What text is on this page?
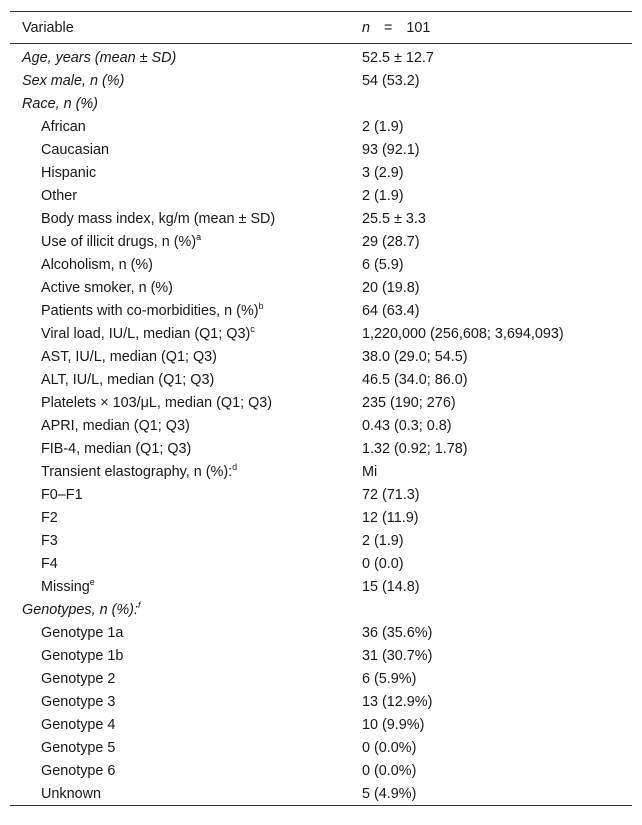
Variable	n = 101
Age, years (mean ± SD)	52.5 ± 12.7
Sex male, n (%)	54 (53.2)
Race, n (%)	
African	2 (1.9)
Caucasian	93 (92.1)
Hispanic	3 (2.9)
Other	2 (1.9)
Body mass index, kg/m (mean ± SD)	25.5 ± 3.3
Use of illicit drugs, n (%)$^a$	29 (28.7)
Alcoholism, n (%)	6 (5.9)
Active smoker, n (%)	20 (19.8)
Patients with co-morbidities, n (%)$^b$	64 (63.4)
Viral load, IU/L, median (Q1; Q3)$^c$	1,220,000 (256,608; 3,694,093)
AST, IU/L, median (Q1; Q3)	38.0 (29.0; 54.5)
ALT, IU/L, median (Q1; Q3)	46.5 (34.0; 86.0)
Platelets × 103/μL, median (Q1; Q3)	235 (190; 276)
APRI, median (Q1; Q3)	0.43 (0.3; 0.8)
FIB-4, median (Q1; Q3)	1.32 (0.92; 1.78)
Transient elastography, n (%):$^d$	Mi
F0–F1	72 (71.3)
F2	12 (11.9)
F3	2 (1.9)
F4	0 (0.0)
Missing$^e$	15 (14.8)
Genotypes, n (%):$^f$	
Genotype 1a	36 (35.6%)
Genotype 1b	31 (30.7%)
Genotype 2	6 (5.9%)
Genotype 3	13 (12.9%)
Genotype 4	10 (9.9%)
Genotype 5	0 (0.0%)
Genotype 6	0 (0.0%)
Unknown	5 (4.9%)
